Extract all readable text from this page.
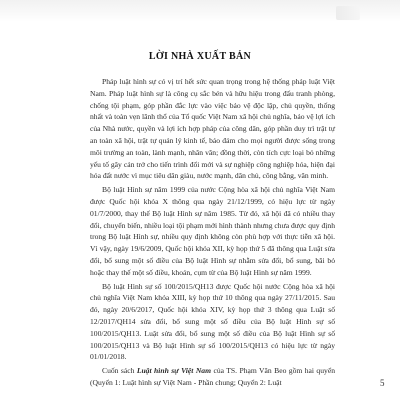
LỜI NHÀ XUẤT BẢN

Pháp luật hình sự có vị trí hết sức quan trọng trong hệ thống pháp luật Việt Nam. Pháp luật hình sự là công cụ sắc bén và hữu hiệu trong đấu tranh phòng, chống tội phạm, góp phần đắc lực vào việc bảo vệ độc lập, chủ quyền, thống nhất và toàn vẹn lãnh thổ của Tổ quốc Việt Nam xã hội chủ nghĩa, bảo vệ lợi ích của Nhà nước, quyền và lợi ích hợp pháp của công dân, góp phần duy trì trật tự an toàn xã hội, trật tự quản lý kinh tế, bảo đảm cho mọi người được sống trong môi trường an toàn, lành mạnh, nhân văn; đồng thời, còn tích cực loại bỏ những yếu tố gây cản trở cho tiến trình đổi mới và sự nghiệp công nghiệp hóa, hiện đại hóa đất nước vì mục tiêu dân giàu, nước mạnh, dân chủ, công bằng, văn minh.

Bộ luật Hình sự năm 1999 của nước Cộng hòa xã hội chủ nghĩa Việt Nam được Quốc hội khóa X thông qua ngày 21/12/1999, có hiệu lực từ ngày 01/7/2000, thay thế Bộ luật Hình sự năm 1985. Từ đó, xã hội đã có nhiều thay đổi, chuyển biến, nhiều loại tội phạm mới hình thành nhưng chưa được quy định trong Bộ luật Hình sự, nhiều quy định không còn phù hợp với thực tiễn xã hội. Vì vậy, ngày 19/6/2009, Quốc hội khóa XII, kỳ họp thứ 5 đã thông qua Luật sửa đổi, bổ sung một số điều của Bộ luật Hình sự nhằm sửa đổi, bổ sung, bãi bỏ hoặc thay thế một số điều, khoản, cụm từ của Bộ luật Hình sự năm 1999.

Bộ luật Hình sự số 100/2015/QH13 được Quốc hội nước Cộng hòa xã hội chủ nghĩa Việt Nam khóa XIII, kỳ họp thứ 10 thông qua ngày 27/11/2015. Sau đó, ngày 20/6/2017, Quốc hội khóa XIV, kỳ họp thứ 3 thông qua Luật số 12/2017/QH14 sửa đổi, bổ sung một số điều của Bộ luật Hình sự số 100/2015/QH13. Luật sửa đổi, bổ sung một số điều của Bộ luật Hình sự số 100/2015/QH13 và Bộ luật Hình sự số 100/2015/QH13 có hiệu lực từ ngày 01/01/2018.

Cuốn sách Luật hình sự Việt Nam của TS. Phạm Văn Beo gồm hai quyển (Quyển 1: Luật hình sự Việt Nam - Phần chung; Quyển 2: Luật	5
